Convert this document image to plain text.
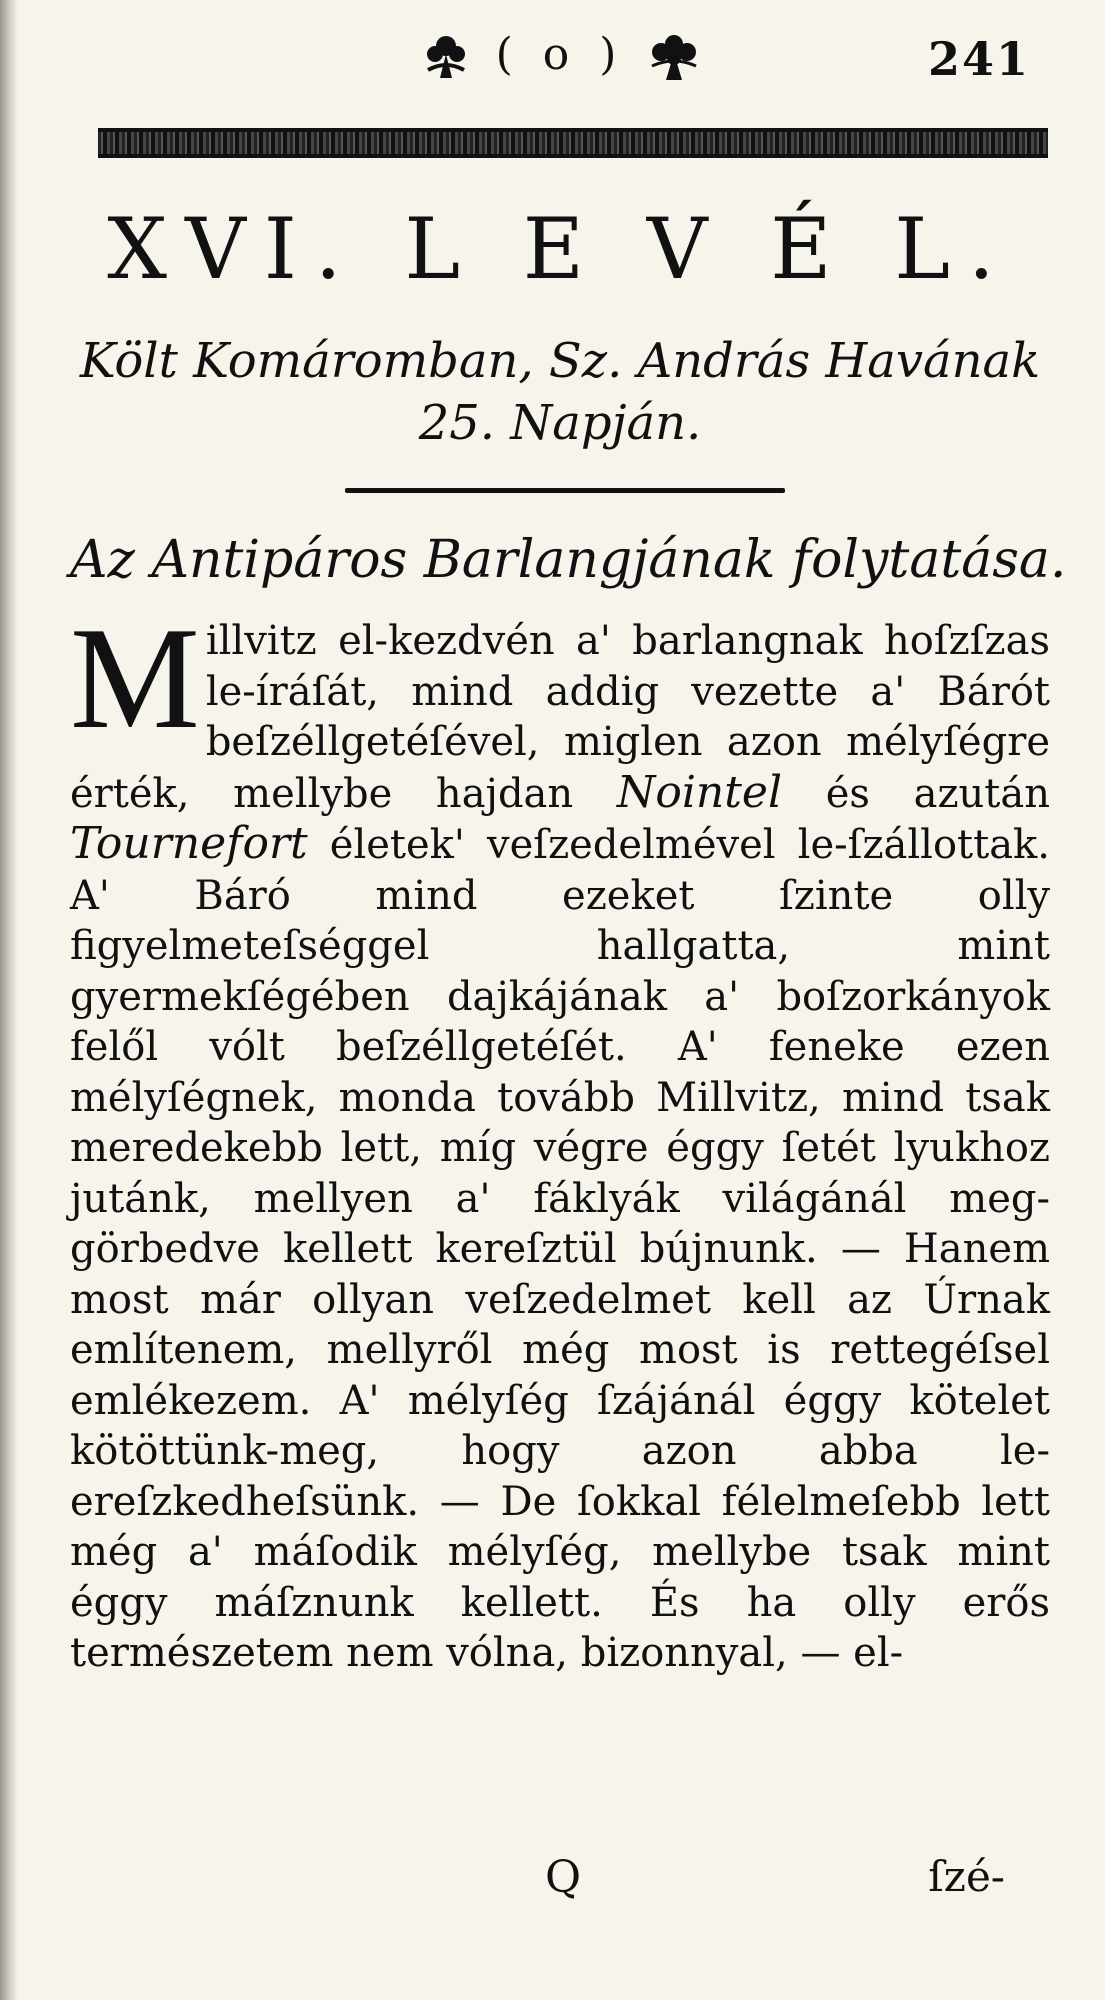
( o )	241
XVI. L E V É L.
Költ Komáromban, Sz. András Havának
25. Napján.
Az Antipáros Barlangjának folytatása.
Millvitz el-kezdvén a' barlangnak hoſzſzas le-íráſát, mind addig vezette a' Bárót beſzéllgetéſével, miglen azon mélyſégre érték, mellybe hajdan Nointel és azután Tournefort életek' veſzedelmével le-ſzállottak. A' Báró mind ezeket ſzinte olly figyelmeteſséggel hallgatta, mint gyermekſégében dajkájának a' boſzorkányok felől vólt beſzéllgetéſét. A' feneke ezen mélyſégnek, monda tovább Millvitz, mind tsak meredekebb lett, míg végre éggy ſetét lyukhoz jutánk, mellyen a' fáklyák világánál meg-görbedve kellett kereſztül bújnunk. — Hanem most már ollyan veſzedelmet kell az Úrnak említenem, mellyről még most is rettegéſsel emlékezem. A' mélyſég ſzájánál éggy kötelet kötöttünk-meg, hogy azon abba le-ereſzkedheſsünk. — De ſokkal félelmeſebb lett még a' máſodik mélyſég, mellybe tsak mint éggy máſznunk kellett. És ha olly erős természetem nem vólna, bizonnyal, — el-
Q	ſzé-
